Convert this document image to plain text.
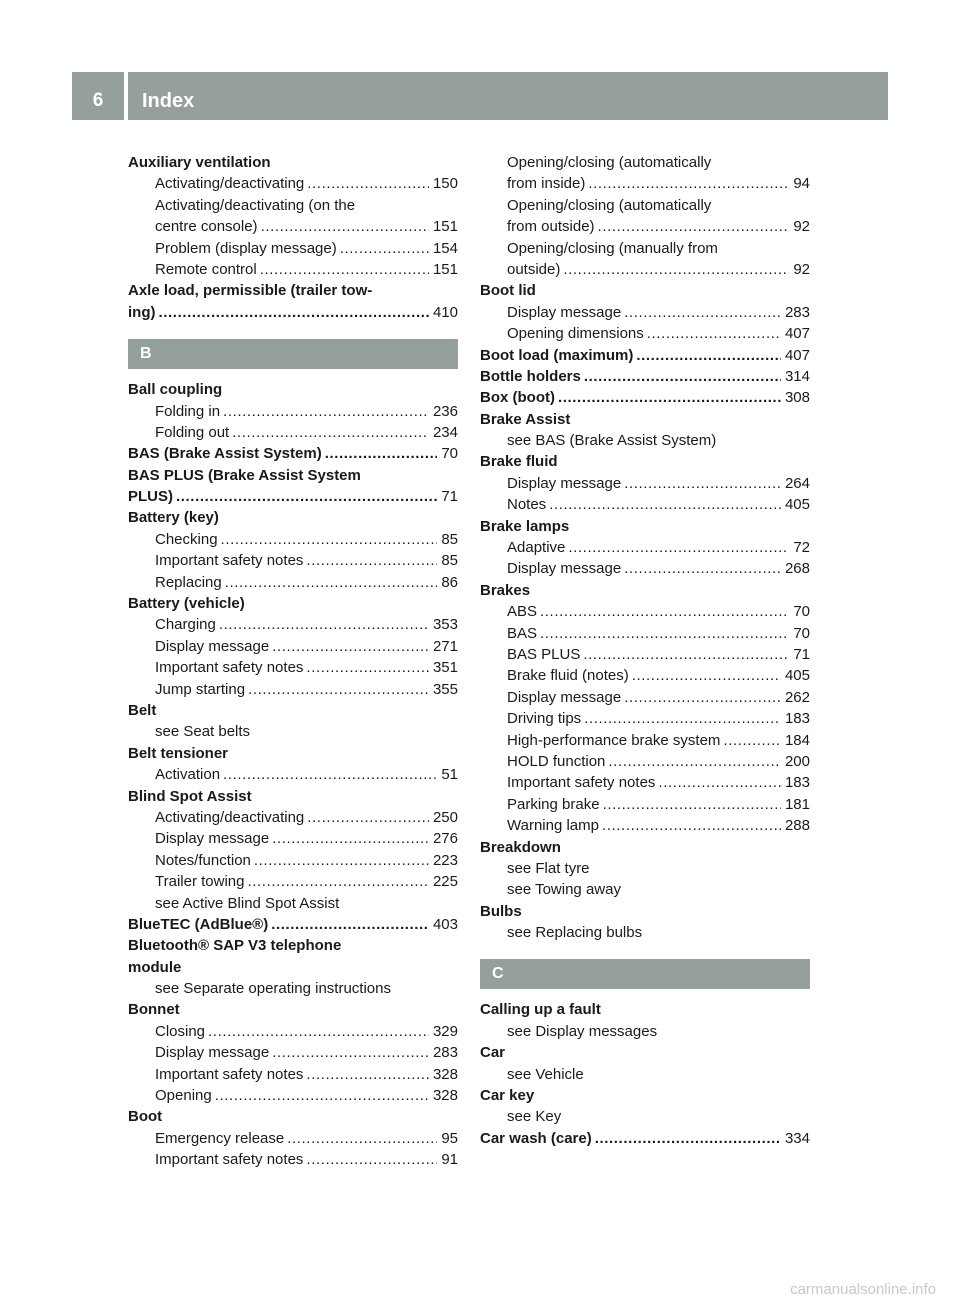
6	Index
Auxiliary ventilation
Activating/deactivating .....	150
Activating/deactivating (on the
centre console) .....	151
Problem (display message) .....	154
Remote control .....	151
Axle load, permissible (trailer tow-
ing) .....	410
B
Ball coupling
Folding in .....	236
Folding out .....	234
BAS (Brake Assist System) .....	70
BAS PLUS (Brake Assist System
PLUS) .....	71
Battery (key)
Checking .....	85
Important safety notes .....	85
Replacing .....	86
Battery (vehicle)
Charging .....	353
Display message .....	271
Important safety notes .....	351
Jump starting .....	355
Belt
see Seat belts
Belt tensioner
Activation .....	51
Blind Spot Assist
Activating/deactivating .....	250
Display message .....	276
Notes/function .....	223
Trailer towing .....	225
see Active Blind Spot Assist
BlueTEC (AdBlue®) .....	403
Bluetooth® SAP V3 telephone
module
see Separate operating instructions
Bonnet
Closing .....	329
Display message .....	283
Important safety notes .....	328
Opening .....	328
Boot
Emergency release .....	95
Important safety notes .....	91
Opening/closing (automatically
from inside) .....	94
Opening/closing (automatically
from outside) .....	92
Opening/closing (manually from
outside) .....	92
Boot lid
Display message .....	283
Opening dimensions .....	407
Boot load (maximum) .....	407
Bottle holders .....	314
Box (boot) .....	308
Brake Assist
see BAS (Brake Assist System)
Brake fluid
Display message .....	264
Notes .....	405
Brake lamps
Adaptive .....	72
Display message .....	268
Brakes
ABS .....	70
BAS .....	70
BAS PLUS .....	71
Brake fluid (notes) .....	405
Display message .....	262
Driving tips .....	183
High-performance brake system .....	184
HOLD function .....	200
Important safety notes .....	183
Parking brake .....	181
Warning lamp .....	288
Breakdown
see Flat tyre
see Towing away
Bulbs
see Replacing bulbs
C
Calling up a fault
see Display messages
Car
see Vehicle
Car key
see Key
Car wash (care) .....	334
carmanualsonline.info
